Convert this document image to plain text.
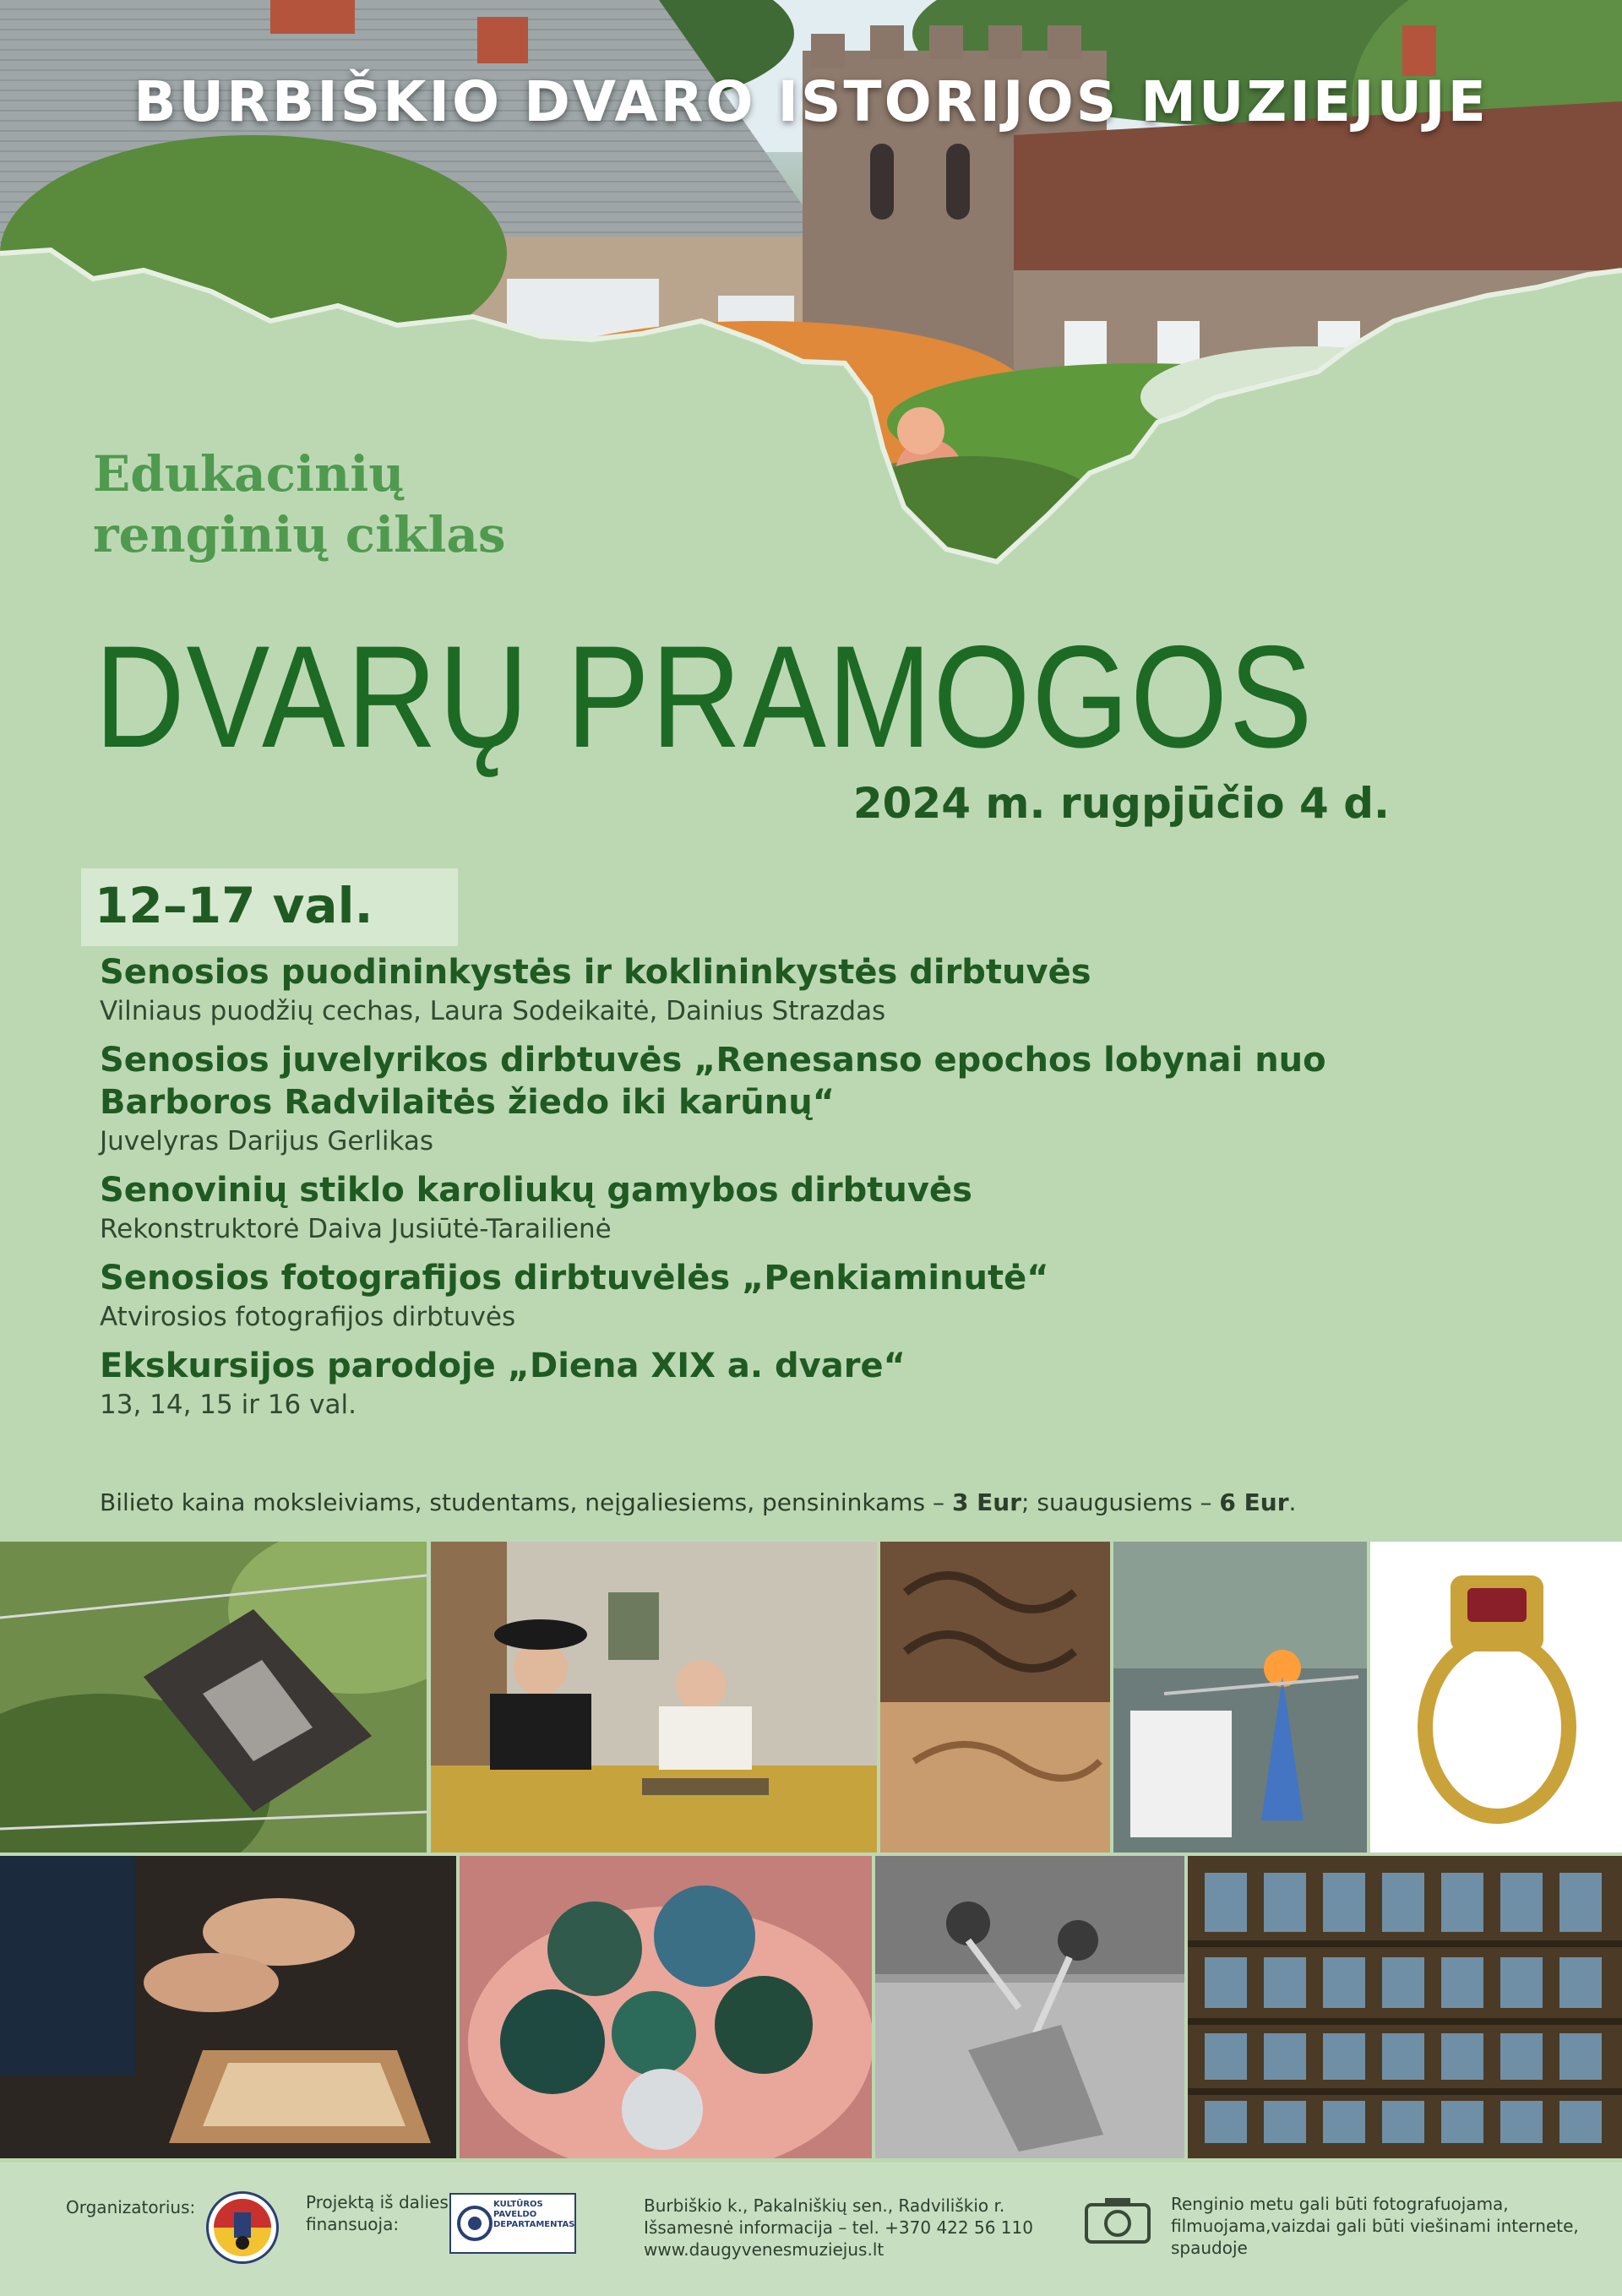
BURBIŠKIO DVARO ISTORIJOS MUZIEJUJE
Edukacinių
renginių ciklas
DVARŲ PRAMOGOS
2024 m. rugpjūčio 4 d.
12–17 val.
Senosios puodininkystės ir koklininkystės dirbtuvės
Vilniaus puodžių cechas, Laura Sodeikaitė, Dainius Strazdas
Senosios juvelyrikos dirbtuvės „Renesanso epochos lobynai nuo Barboros Radvilaitės žiedo iki karūnų“
Juvelyras Darijus Gerlikas
Senovinių stiklo karoliukų gamybos dirbtuvės
Rekonstruktorė Daiva Jusiūtė-Tarailienė
Senosios fotografijos dirbtuvėlės „Penkiaminutė“
Atvirosios fotografijos dirbtuvės
Ekskursijos parodoje „Diena XIX a. dvare“
13, 14, 15 ir 16 val.
Bilieto kaina moksleiviams, studentams, neįgaliesiems, pensininkams – 3 Eur; suaugusiems – 6 Eur.
Organizatorius:	Projektą iš dalies
finansuoja:
KULTŪROS PAVELDO DEPARTAMENTAS
Burbiškio k., Pakalniškių sen., Radviliškio r.
Išsamesnė informacija – tel. +370 422 56 110
www.daugyvenesmuziejus.lt
Renginio metu gali būti fotografuojama,
filmuojama,vaizdai gali būti viešinami internete,
spaudoje
